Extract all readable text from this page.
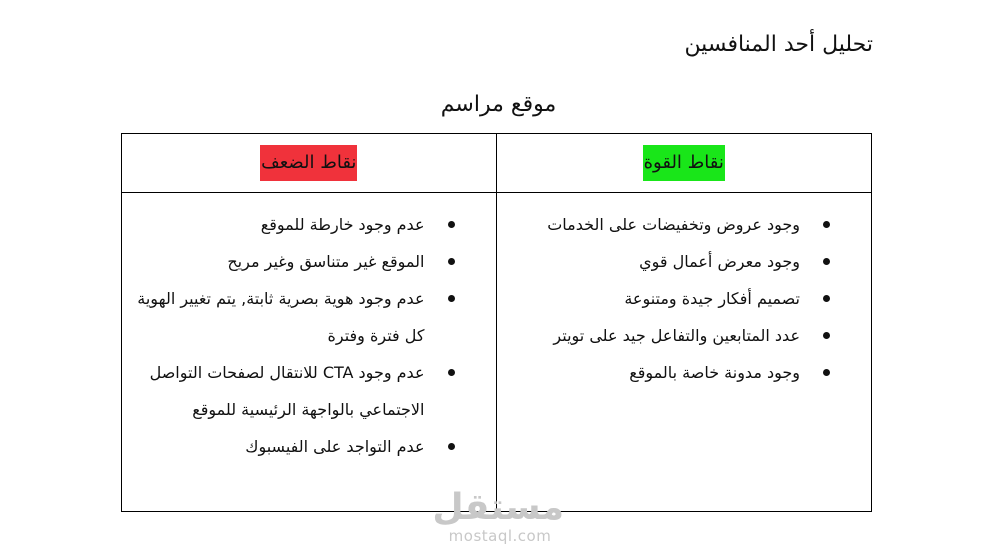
تحليل أحد المنافسين
موقع مراسم
نقاط الضعف	نقاط القوة
عدم وجود خارطة للموقع
الموقع غير متناسق وغير مريح
عدم وجود هوية بصرية ثابتة, يتم تغيير الهوية كل فترة وفترة
عدم وجود CTA للانتقال لصفحات التواصل الاجتماعي بالواجهة الرئيسية للموقع
عدم التواجد على الفيسبوك
وجود عروض وتخفيضات على الخدمات
وجود معرض أعمال قوي
تصميم أفكار جيدة ومتنوعة
عدد المتابعين والتفاعل جيد على تويتر
وجود مدونة خاصة بالموقع
مستقل
mostaql.com
